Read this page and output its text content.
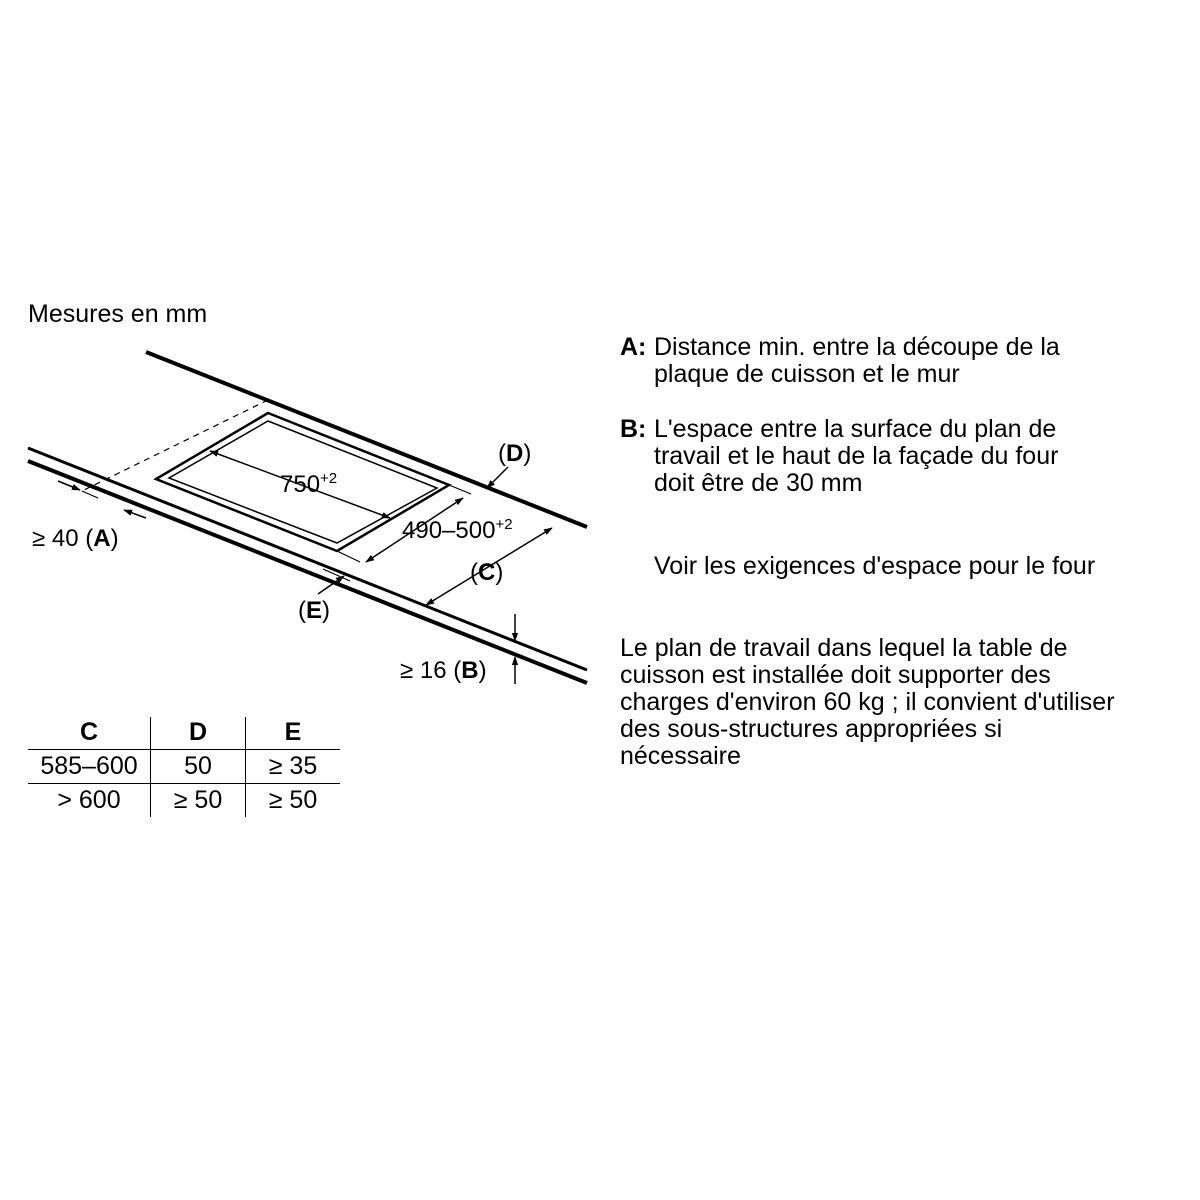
Mesures en mm
$750^{+2}$
$490-500^{+2}$
(D)
(C)
(E)
≥ 40 (A)
≥ 16 (B)
C	D	E
585–600	50	≥ 35
> 600	≥ 50	≥ 50
A: Distance min. entre la découpe de la
plaque de cuisson et le mur
B: L'espace entre la surface du plan de
travail et le haut de la façade du four
doit être de 30 mm
Voir les exigences d'espace pour le four
Le plan de travail dans lequel la table de
cuisson est installée doit supporter des
charges d'environ 60 kg ; il convient d'utiliser
des sous-structures appropriées si
nécessaire
